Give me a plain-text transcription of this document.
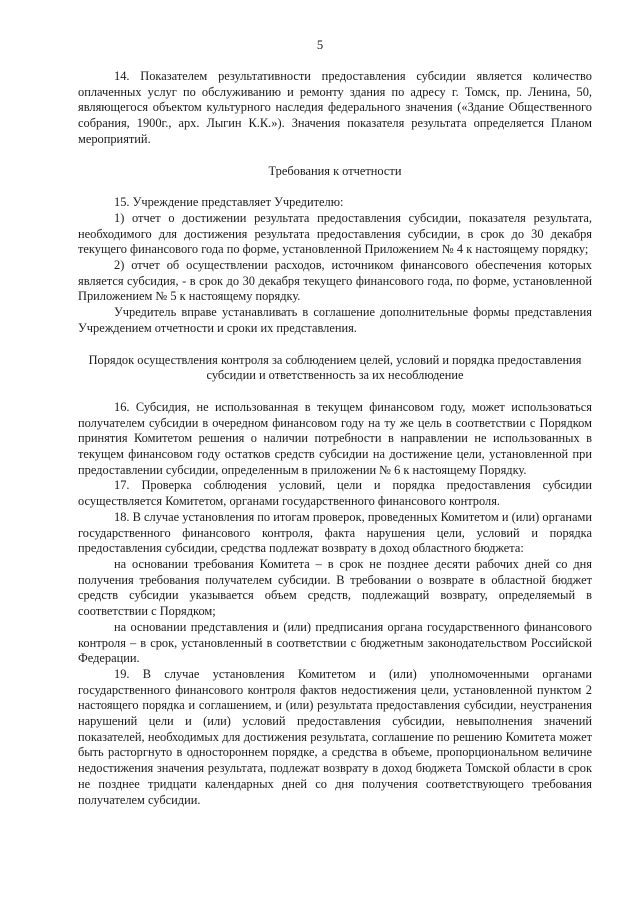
5

14. Показателем результативности предоставления субсидии является количество оплаченных услуг по обслуживанию и ремонту здания по адресу г. Томск, пр. Ленина, 50, являющегося объектом культурного наследия федерального значения («Здание Общественного собрания, 1900г., арх. Лыгин К.К.»). Значения показателя результата определяется Планом мероприятий.

Требования к отчетности

15. Учреждение представляет Учредителю:

1) отчет о достижении результата предоставления субсидии, показателя результата, необходимого для достижения результата предоставления субсидии, в срок до 30 декабря текущего финансового года по форме, установленной Приложением № 4 к настоящему порядку;

2) отчет об осуществлении расходов, источником финансового обеспечения которых является субсидия, - в срок до 30 декабря текущего финансового года, по форме, установленной Приложением № 5 к настоящему порядку.

Учредитель вправе устанавливать в соглашение дополнительные формы представления Учреждением отчетности и сроки их представления.

Порядок осуществления контроля за соблюдением целей, условий и порядка предоставления субсидии и ответственность за их несоблюдение

16. Субсидия, не использованная в текущем финансовом году, может использоваться получателем субсидии в очередном финансовом году на ту же цель в соответствии с Порядком принятия Комитетом решения о наличии потребности в направлении не использованных в текущем финансовом году остатков средств субсидии на достижение цели, установленной при предоставлении субсидии, определенным в приложении № 6 к настоящему Порядку.

17. Проверка соблюдения условий, цели и порядка предоставления субсидии осуществляется Комитетом, органами государственного финансового контроля.

18. В случае установления по итогам проверок, проведенных Комитетом и (или) органами государственного финансового контроля, факта нарушения цели, условий и порядка предоставления субсидии, средства подлежат возврату в доход областного бюджета:

на основании требования Комитета – в срок не позднее десяти рабочих дней со дня получения требования получателем субсидии. В требовании о возврате в областной бюджет средств субсидии указывается объем средств, подлежащий возврату, определяемый в соответствии с Порядком;

на основании представления и (или) предписания органа государственного финансового контроля – в срок, установленный в соответствии с бюджетным законодательством Российской Федерации.

19. В случае установления Комитетом и (или) уполномоченными органами государственного финансового контроля фактов недостижения цели, установленной пунктом 2 настоящего порядка и соглашением, и (или) результата предоставления субсидии, неустранения нарушений цели и (или) условий предоставления субсидии, невыполнения значений показателей, необходимых для достижения результата, соглашение по решению Комитета может быть расторгнуто в одностороннем порядке, а средства в объеме, пропорциональном величине недостижения значения результата, подлежат возврату в доход бюджета Томской области в срок не позднее тридцати календарных дней со дня получения соответствующего требования получателем субсидии.
